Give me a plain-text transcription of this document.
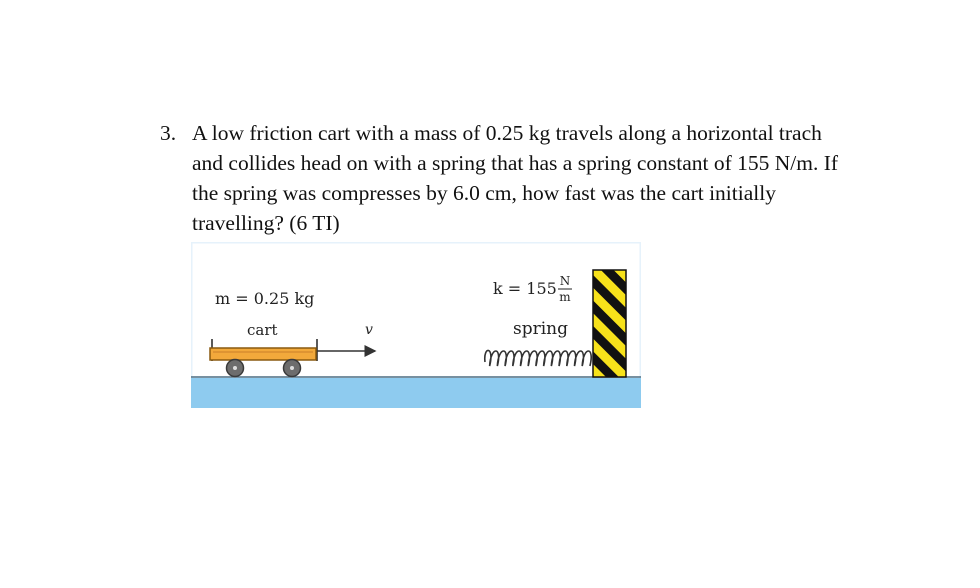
3. A low friction cart with a mass of 0.25 kg travels along a horizontal trach
and collides head on with a spring that has a spring constant of 155 N/m. If
the spring was compresses by 6.0 cm, how fast was the cart initially
travelling? (6 TI)
m = 0.25 kg
cart	v
k = 155 N
m
spring
